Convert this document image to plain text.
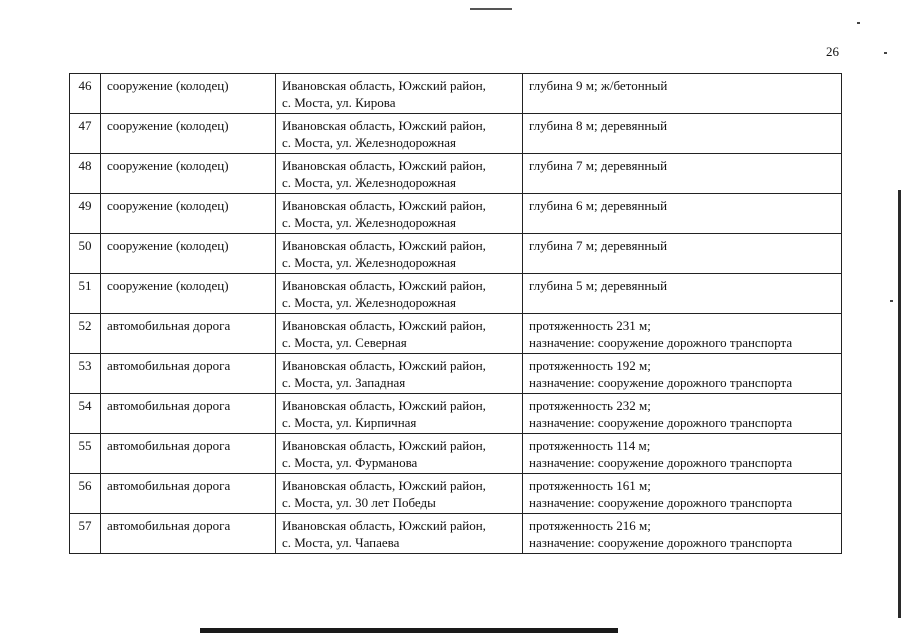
26
46	сооружение (колодец)	Ивановская область, Южский район,
с. Моста, ул. Кирова	глубина 9 м; ж/бетонный

47	сооружение (колодец)	Ивановская область, Южский район,
с. Моста, ул. Железнодорожная	глубина 8 м; деревянный

48	сооружение (колодец)	Ивановская область, Южский район,
с. Моста, ул. Железнодорожная	глубина 7 м; деревянный

49	сооружение (колодец)	Ивановская область, Южский район,
с. Моста, ул. Железнодорожная	глубина 6 м; деревянный

50	сооружение (колодец)	Ивановская область, Южский район,
с. Моста, ул. Железнодорожная	глубина 7 м; деревянный

51	сооружение (колодец)	Ивановская область, Южский район,
с. Моста, ул. Железнодорожная	глубина 5 м; деревянный

52	автомобильная дорога	Ивановская область, Южский район,
с. Моста, ул. Северная	протяженность 231 м;
назначение: сооружение дорожного транспорта

53	автомобильная дорога	Ивановская область, Южский район,
с. Моста, ул. Западная	протяженность 192 м;
назначение: сооружение дорожного транспорта

54	автомобильная дорога	Ивановская область, Южский район,
с. Моста, ул. Кирпичная	протяженность 232 м;
назначение: сооружение дорожного транспорта

55	автомобильная дорога	Ивановская область, Южский район,
с. Моста, ул. Фурманова	протяженность 114 м;
назначение: сооружение дорожного транспорта

56	автомобильная дорога	Ивановская область, Южский район,
с. Моста, ул. 30 лет Победы	протяженность 161 м;
назначение: сооружение дорожного транспорта

57	автомобильная дорога	Ивановская область, Южский район,
с. Моста, ул. Чапаева	протяженность 216 м;
назначение: сооружение дорожного транспорта
